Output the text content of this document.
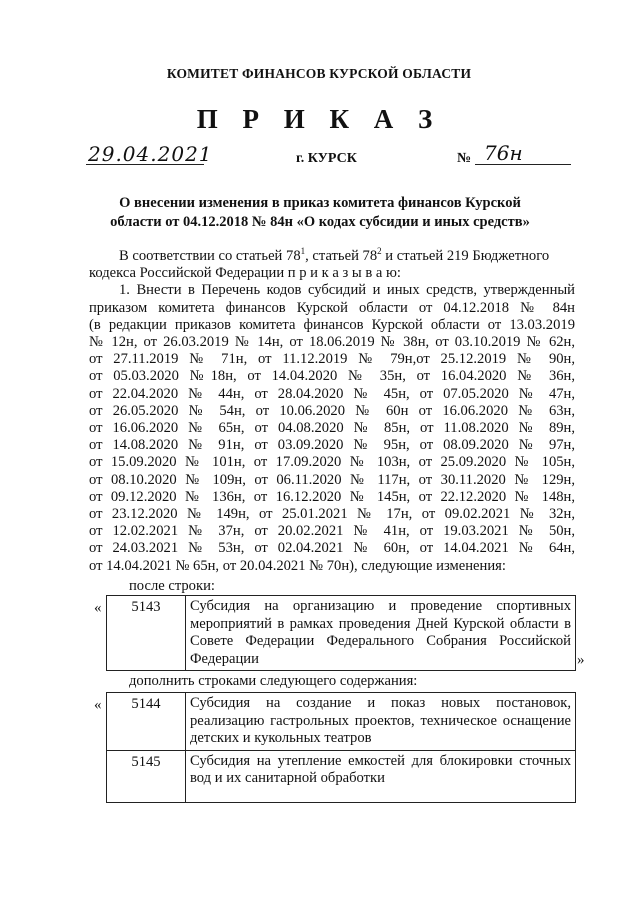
КОМИТЕТ ФИНАНСОВ КУРСКОЙ ОБЛАСТИ
П Р И К А З
29.04.2021	г. КУРСК	№ 76н
О внесении изменения в приказ комитета финансов Курской
области от 04.12.2018 № 84н «О кодах субсидии и иных средств»
В соответствии со статьей $78^1$, статьей $78^2$ и статьей 219 Бюджетного
кодекса Российской Федерации п р и к а з ы в а ю:
1. Внести в Перечень кодов субсидий и иных средств, утвержденный
приказом комитета финансов Курской области от 04.12.2018 № 84н
(в редакции приказов комитета финансов Курской области от 13.03.2019
№ 12н, от 26.03.2019 № 14н, от 18.06.2019 № 38н, от 03.10.2019 № 62н,
от 27.11.2019 № 71н, от 11.12.2019 № 79н,от 25.12.2019 № 90н,
от 05.03.2020 №18н, от 14.04.2020 № 35н, от 16.04.2020 № 36н,
от 22.04.2020 № 44н, от 28.04.2020 № 45н, от 07.05.2020 № 47н,
от 26.05.2020 № 54н, от 10.06.2020 № 60н от 16.06.2020 № 63н,
от 16.06.2020 № 65н, от 04.08.2020 № 85н, от 11.08.2020 № 89н,
от 14.08.2020 № 91н, от 03.09.2020 № 95н, от 08.09.2020 № 97н,
от 15.09.2020 № 101н, от 17.09.2020 № 103н, от 25.09.2020 № 105н,
от 08.10.2020 № 109н, от 06.11.2020 № 117н, от 30.11.2020 № 129н,
от 09.12.2020 № 136н, от 16.12.2020 № 145н, от 22.12.2020 № 148н,
от 23.12.2020 № 149н, от 25.01.2021 № 17н, от 09.02.2021 № 32н,
от 12.02.2021 № 37н, от 20.02.2021 № 41н, от 19.03.2021 № 50н,
от 24.03.2021 № 53н, от 02.04.2021 № 60н, от 14.04.2021 № 64н,
от 14.04.2021 № 65н, от 20.04.2021 № 70н), следующие изменения:
после строки:
« 5143	Субсидия на организацию и проведение спортивных мероприятий в рамках проведения Дней Курской области в Совете Федерации Федерального Собрания Российской Федерации	»
дополнить строками следующего содержания:
« 5144	Субсидия на создание и показ новых постановок, реализацию гастрольных проектов, техническое оснащение детских и кукольных театров
5145	Субсидия на утепление емкостей для блокировки сточных вод и их санитарной обработки
